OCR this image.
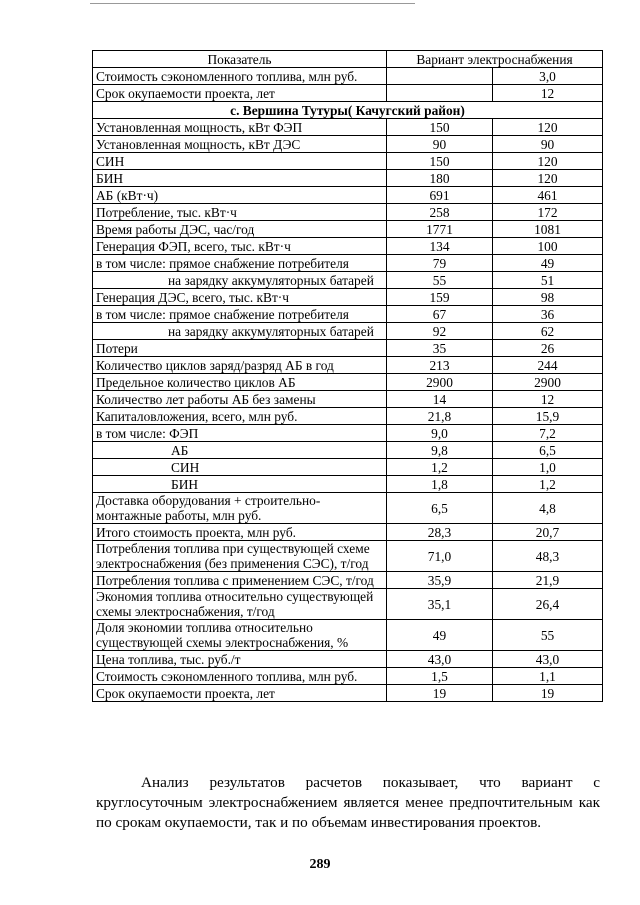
Показатель	Вариант электроснабжения	
Стоимость сэкономленного топлива, млн руб.		3,0
Срок окупаемости проекта, лет		12
с. Вершина Тутуры( Качугский район)		
Установленная мощность, кВт ФЭП	150	120
Установленная мощность, кВт ДЭС	90	90
СИН	150	120
БИН	180	120
АБ (кВт·ч)	691	461
Потребление, тыс. кВт·ч	258	172
Время работы ДЭС, час/год	1771	1081
Генерация ФЭП, всего, тыс. кВт·ч	134	100
в том числе: прямое снабжение потребителя	79	49
на зарядку аккумуляторных батарей	55	51
Генерация ДЭС, всего, тыс. кВт·ч	159	98
в том числе: прямое снабжение потребителя	67	36
на зарядку аккумуляторных батарей	92	62
Потери	35	26
Количество циклов заряд/разряд АБ в год	213	244
Предельное количество циклов АБ	2900	2900
Количество лет работы АБ без замены	14	12
Капиталовложения, всего, млн руб.	21,8	15,9
в том числе: ФЭП	9,0	7,2
АБ	9,8	6,5
СИН	1,2	1,0
БИН	1,8	1,2
Доставка оборудования + строительно-монтажные работы, млн руб.	6,5	4,8
Итого стоимость проекта, млн руб.	28,3	20,7
Потребления топлива при существующей схеме электроснабжения (без применения СЭС), т/год	71,0	48,3
Потребления топлива с применением СЭС, т/год	35,9	21,9
Экономия топлива относительно существующей схемы электроснабжения, т/год	35,1	26,4
Доля экономии топлива относительно существующей схемы электроснабжения, %	49	55
Цена топлива, тыс. руб./т	43,0	43,0
Стоимость сэкономленного топлива, млн руб.	1,5	1,1
Срок окупаемости проекта, лет	19	19

Анализ результатов расчетов показывает, что вариант с круглосуточным электроснабжением является менее предпочтительным как по срокам окупаемости, так и по объемам инвестирования проектов.

289
